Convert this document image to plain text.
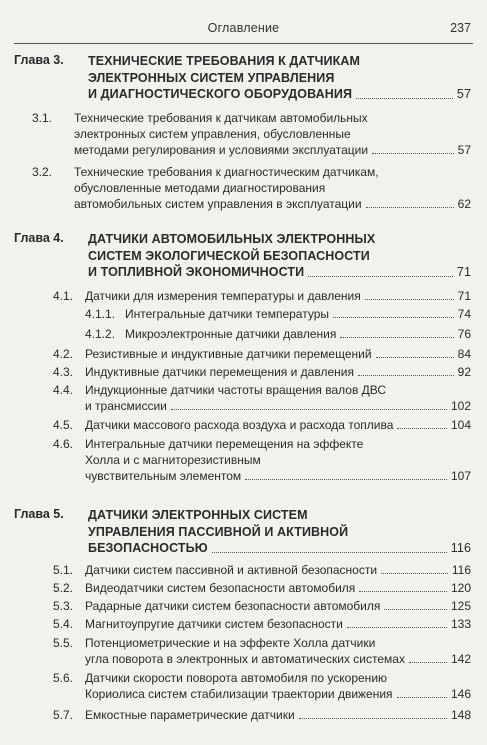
Оглавление	237
Глава 3. ТЕХНИЧЕСКИЕ ТРЕБОВАНИЯ К ДАТЧИКАМ
ЭЛЕКТРОННЫХ СИСТЕМ УПРАВЛЕНИЯ
И ДИАГНОСТИЧЕСКОГО ОБОРУДОВАНИЯ	57
3.1. Технические требования к датчикам автомобильных
электронных систем управления, обусловленные
методами регулирования и условиями эксплуатации	57
3.2. Технические требования к диагностическим датчикам,
обусловленные методами диагностирования
автомобильных систем управления в эксплуатации	62
Глава 4. ДАТЧИКИ АВТОМОБИЛЬНЫХ ЭЛЕКТРОННЫХ
СИСТЕМ ЭКОЛОГИЧЕСКОЙ БЕЗОПАСНОСТИ
И ТОПЛИВНОЙ ЭКОНОМИЧНОСТИ	71
4.1. Датчики для измерения температуры и давления	71
4.1.1. Интегральные датчики температуры	74
4.1.2. Микроэлектронные датчики давления	76
4.2. Резистивные и индуктивные датчики перемещений	84
4.3. Индуктивные датчики перемещения и давления	92
4.4. Индукционные датчики частоты вращения валов ДВС
и трансмиссии	102
4.5. Датчики массового расхода воздуха и расхода топлива	104
4.6. Интегральные датчики перемещения на эффекте
Холла и с магниторезистивным
чувствительным элементом	107
Глава 5. ДАТЧИКИ ЭЛЕКТРОННЫХ СИСТЕМ
УПРАВЛЕНИЯ ПАССИВНОЙ И АКТИВНОЙ
БЕЗОПАСНОСТЬЮ	116
5.1. Датчики систем пассивной и активной безопасности	116
5.2. Видеодатчики систем безопасности автомобиля	120
5.3. Радарные датчики систем безопасности автомобиля	125
5.4. Магнитоупругие датчики систем безопасности	133
5.5. Потенциометрические и на эффекте Холла датчики
угла поворота в электронных и автоматических системах	142
5.6. Датчики скорости поворота автомобиля по ускорению
Кориолиса систем стабилизации траектории движения	146
5.7. Емкостные параметрические датчики	148
